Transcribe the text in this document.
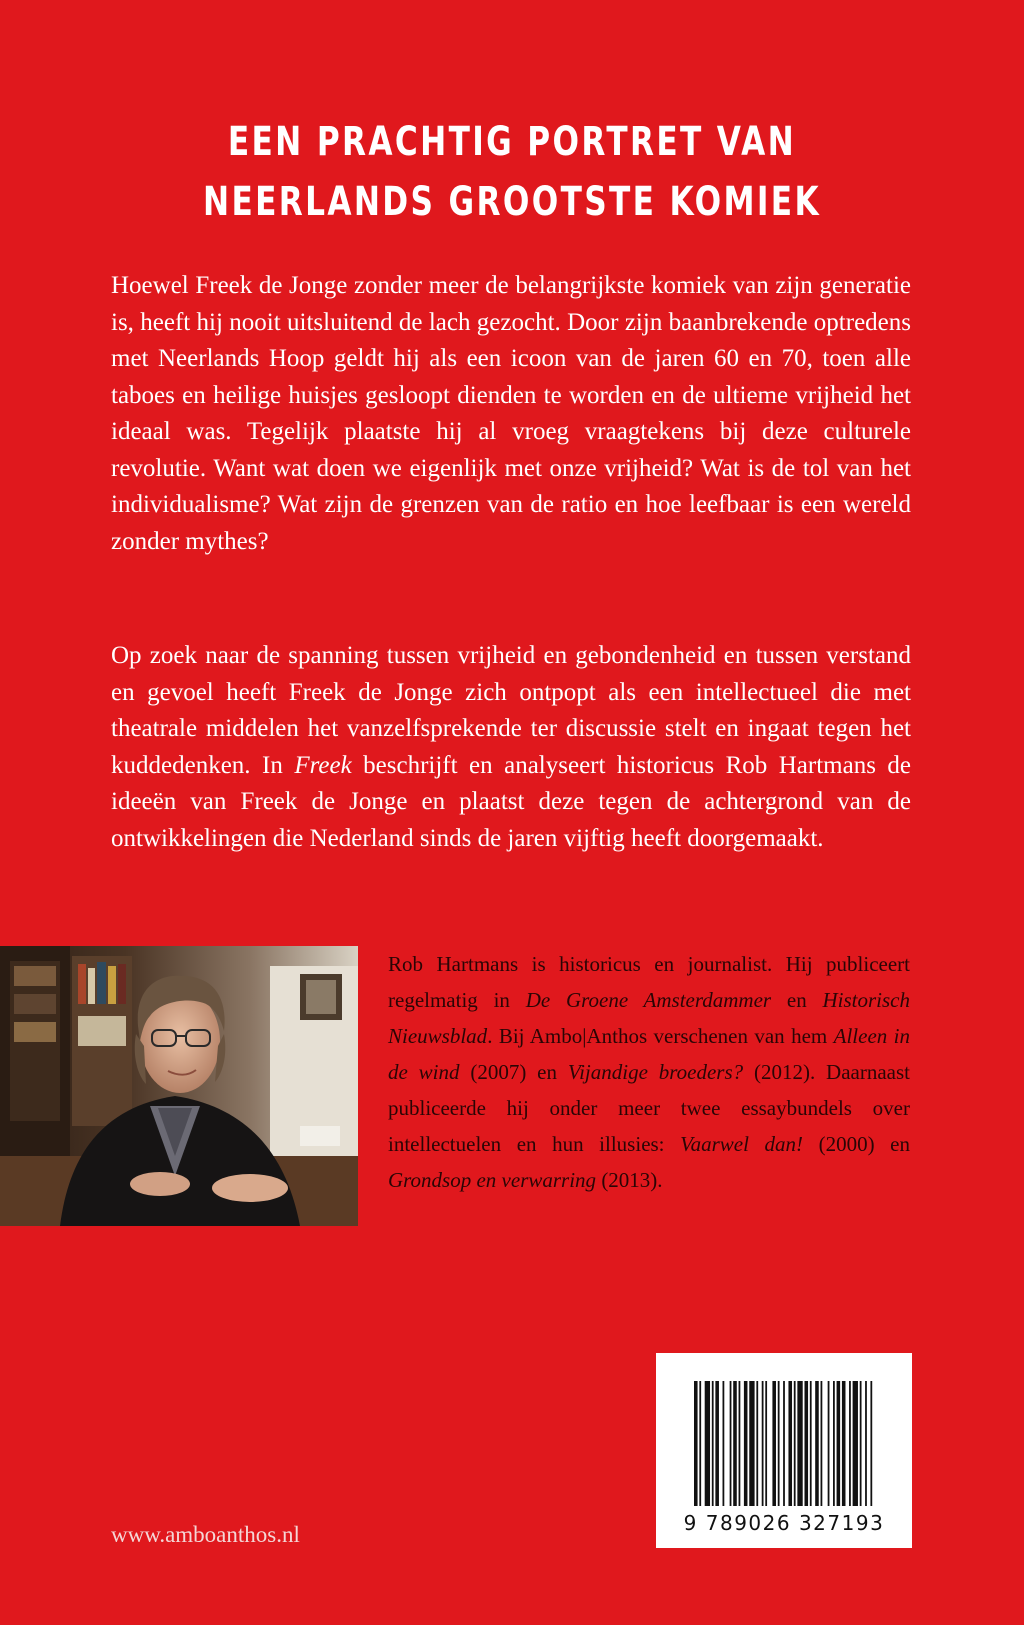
EEN PRACHTIG PORTRET VAN
NEERLANDS GROOTSTE KOMIEK

Hoewel Freek de Jonge zonder meer de belangrijkste komiek van zijn generatie is, heeft hij nooit uitsluitend de lach gezocht. Door zijn baanbrekende optredens met Neerlands Hoop geldt hij als een icoon van de jaren 60 en 70, toen alle taboes en heilige huisjes gesloopt dienden te worden en de ultieme vrijheid het ideaal was. Tegelijk plaatste hij al vroeg vraagtekens bij deze culturele revolutie. Want wat doen we eigenlijk met onze vrijheid? Wat is de tol van het individualisme? Wat zijn de grenzen van de ratio en hoe leefbaar is een wereld zonder mythes?

Op zoek naar de spanning tussen vrijheid en gebondenheid en tussen verstand en gevoel heeft Freek de Jonge zich ontpopt als een intellectueel die met theatrale middelen het vanzelfsprekende ter discussie stelt en ingaat tegen het kuddedenken. In Freek beschrijft en analyseert historicus Rob Hartmans de ideeën van Freek de Jonge en plaatst deze tegen de achtergrond van de ontwikkelingen die Nederland sinds de jaren vijftig heeft doorgemaakt.

Rob Hartmans is historicus en journalist. Hij publiceert regelmatig in De Groene Amsterdammer en Historisch Nieuwsblad. Bij Ambo|Anthos verschenen van hem Alleen in de wind (2007) en Vijandige broeders? (2012). Daarnaast publiceerde hij onder meer twee essaybundels over intellectuelen en hun illusies: Vaarwel dan! (2000) en Grondsop en verwarring (2013).

9 789026 327193
www.amboanthos.nl
